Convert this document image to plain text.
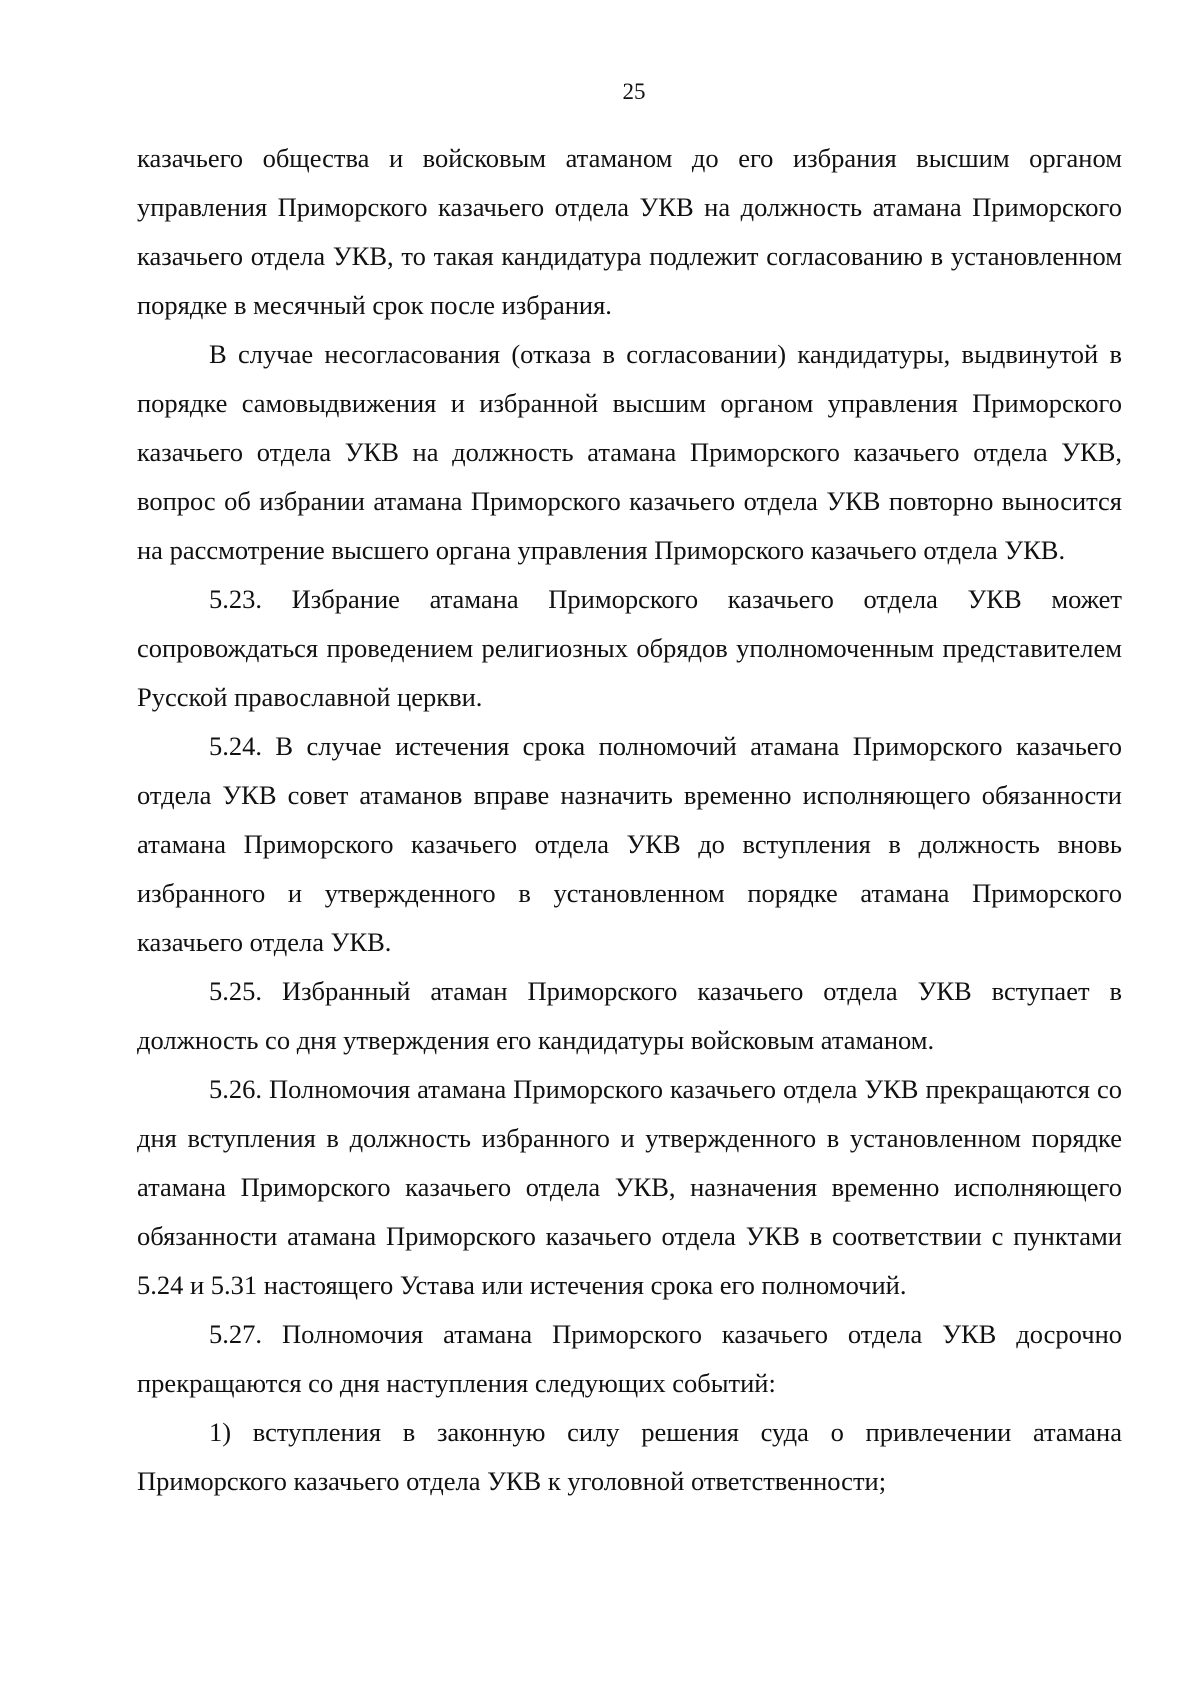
25

казачьего общества и войсковым атаманом до его избрания высшим органом управления Приморского казачьего отдела УКВ на должность атамана Приморского казачьего отдела УКВ, то такая кандидатура подлежит согласованию в установленном порядке в месячный срок после избрания.

В случае несогласования (отказа в согласовании) кандидатуры, выдвинутой в порядке самовыдвижения и избранной высшим органом управления Приморского казачьего отдела УКВ на должность атамана Приморского казачьего отдела УКВ, вопрос об избрании атамана Приморского казачьего отдела УКВ повторно выносится на рассмотрение высшего органа управления Приморского казачьего отдела УКВ.

5.23. Избрание атамана Приморского казачьего отдела УКВ может сопровождаться проведением религиозных обрядов уполномоченным представителем Русской православной церкви.

5.24. В случае истечения срока полномочий атамана Приморского казачьего отдела УКВ совет атаманов вправе назначить временно исполняющего обязанности атамана Приморского казачьего отдела УКВ до вступления в должность вновь избранного и утвержденного в установленном порядке атамана Приморского казачьего отдела УКВ.

5.25. Избранный атаман Приморского казачьего отдела УКВ вступает в должность со дня утверждения его кандидатуры войсковым атаманом.

5.26. Полномочия атамана Приморского казачьего отдела УКВ прекращаются со дня вступления в должность избранного и утвержденного в установленном порядке атамана Приморского казачьего отдела УКВ, назначения временно исполняющего обязанности атамана Приморского казачьего отдела УКВ в соответствии с пунктами 5.24 и 5.31 настоящего Устава или истечения срока его полномочий.

5.27. Полномочия атамана Приморского казачьего отдела УКВ досрочно прекращаются со дня наступления следующих событий:

1) вступления в законную силу решения суда о привлечении атамана Приморского казачьего отдела УКВ к уголовной ответственности;
